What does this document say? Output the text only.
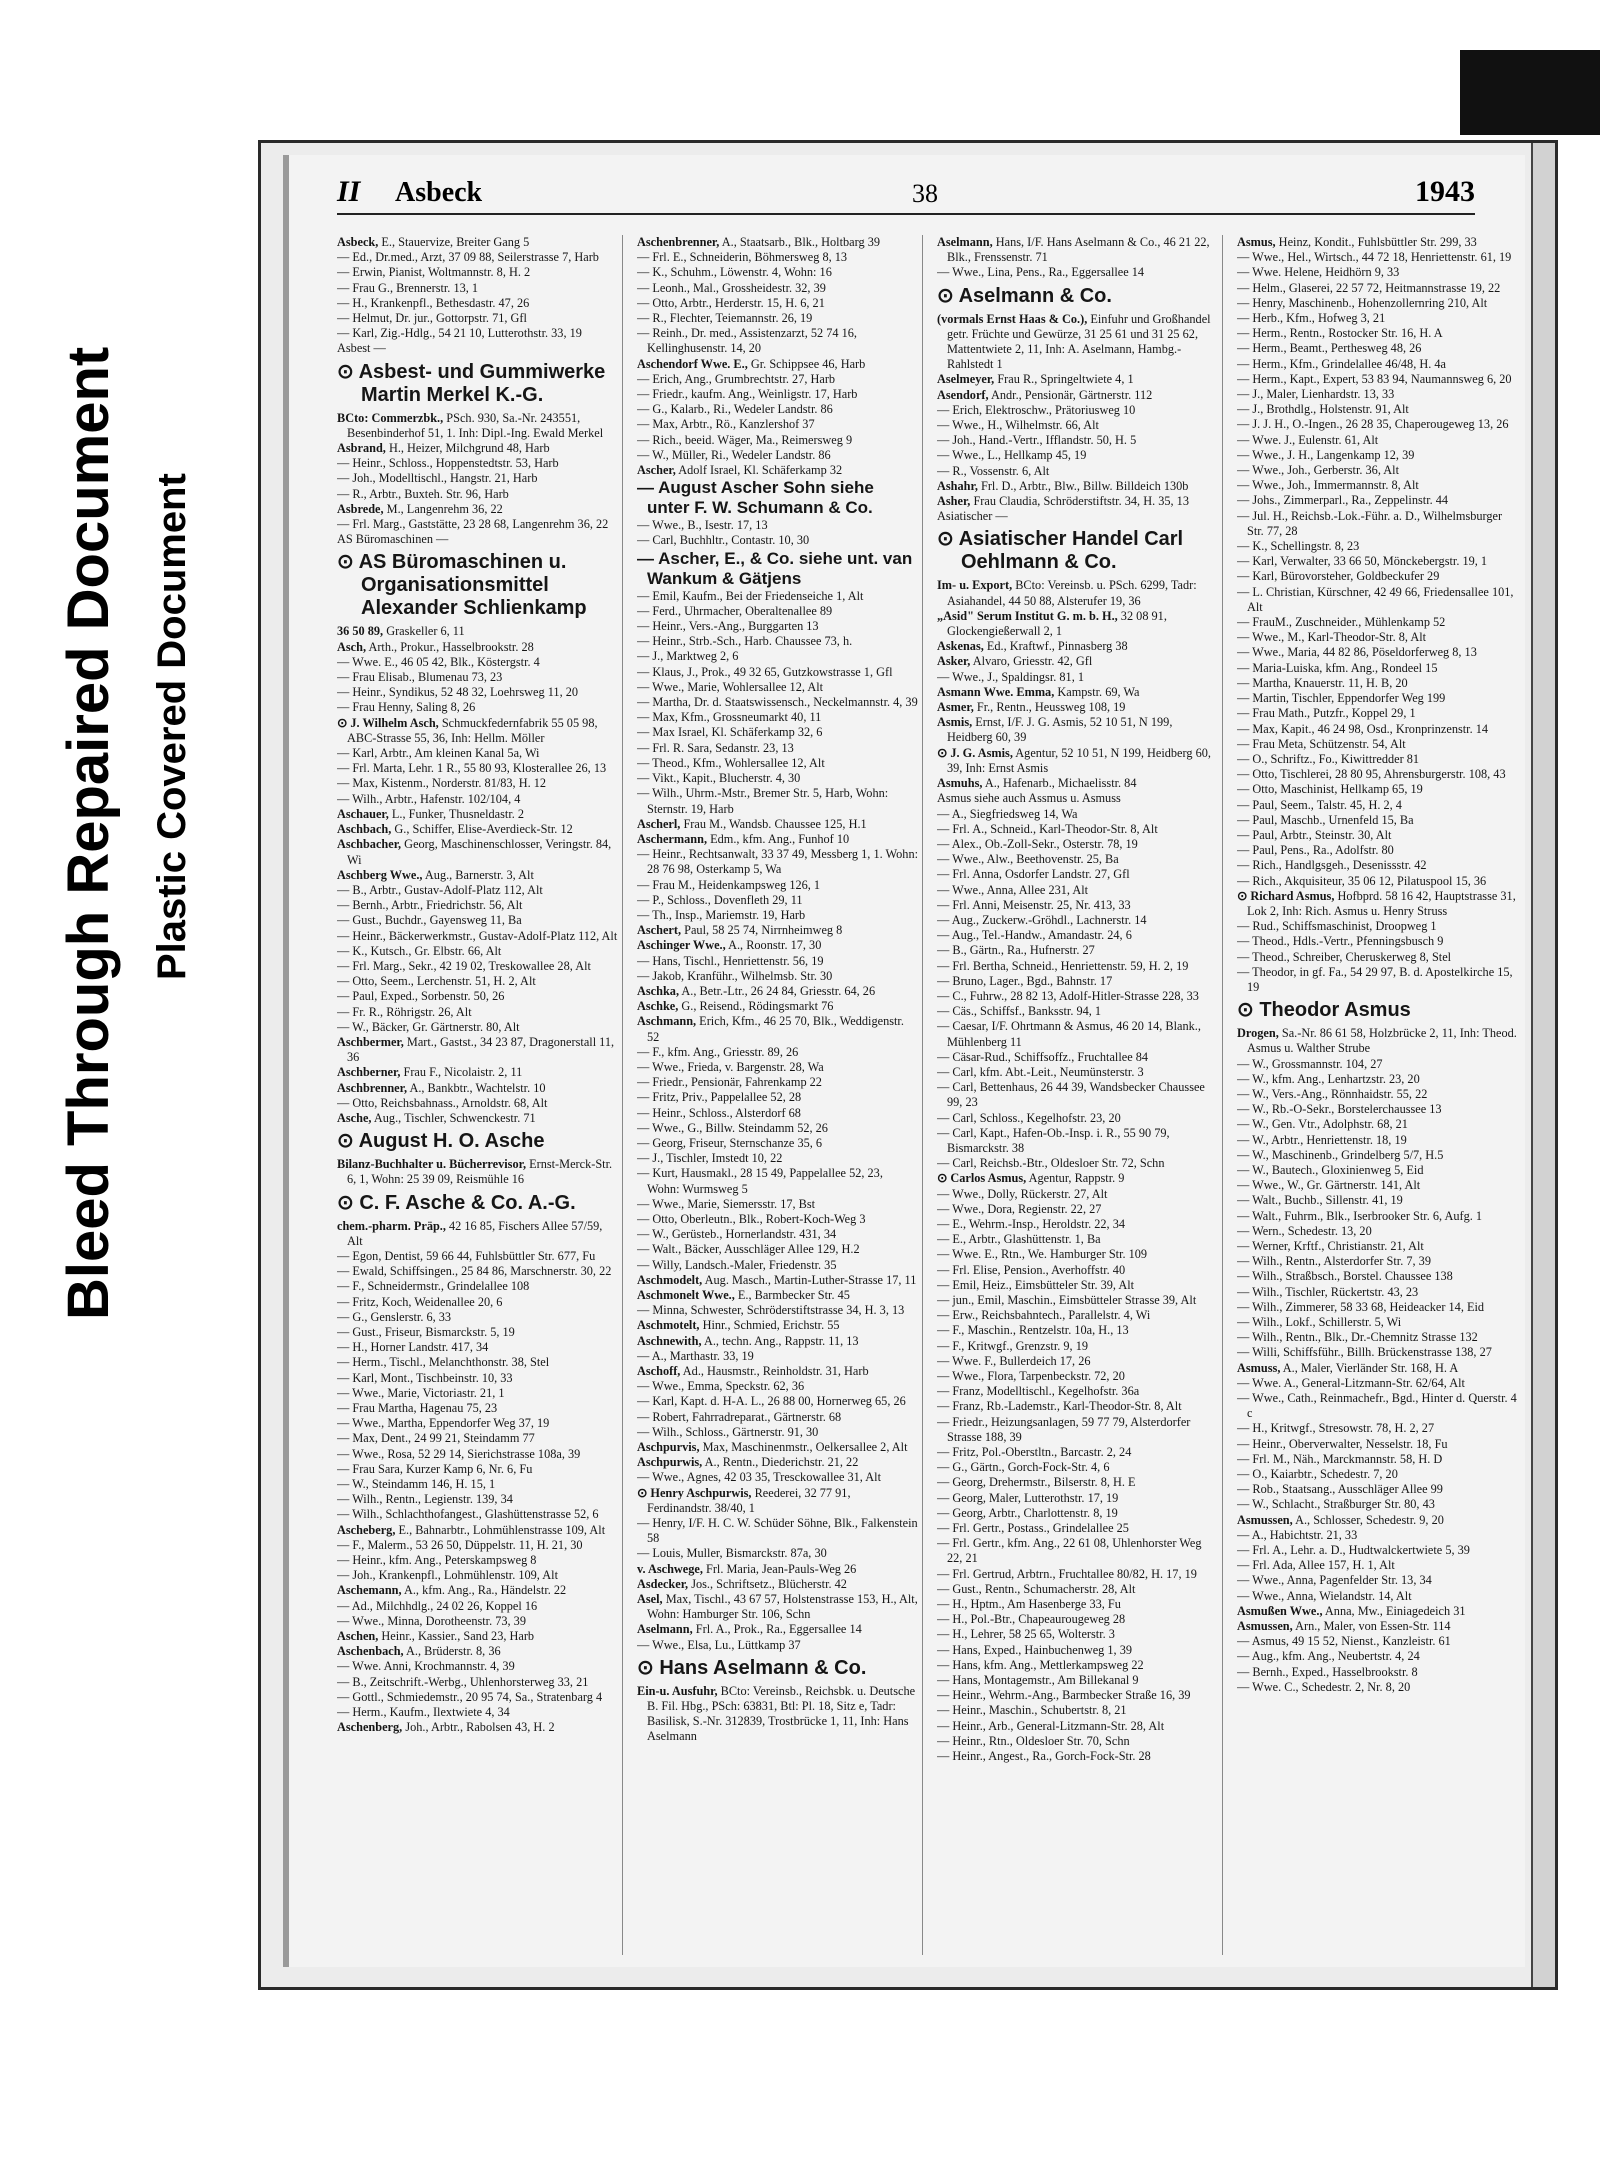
Bleed Through Repaired Document Plastic Covered Document
II Asbeck	38	1943

Asbeck, E., Stauervize, Breiter Gang 5

— Ed., Dr.med., Arzt, 37 09 88, Seilerstrasse 7, Harb

— Erwin, Pianist, Woltmannstr. 8, H. 2

— Frau G., Brennerstr. 13, 1

— H., Krankenpfl., Bethesdastr. 47, 26

— Helmut, Dr. jur., Gottorpstr. 71, Gfl

— Karl, Zig.-Hdlg., 54 21 10, Lutterothstr. 33, 19

Asbest —

⊙ Asbest- und Gummiwerke Martin Merkel K.-G.

BCto: Commerzbk., PSch. 930, Sa.-Nr. 243551, Besenbinderhof 51, 1. Inh: Dipl.-Ing. Ewald Merkel

Asbrand, H., Heizer, Milchgrund 48, Harb

— Heinr., Schloss., Hoppenstedtstr. 53, Harb

— Joh., Modelltischl., Hangstr. 21, Harb

— R., Arbtr., Buxteh. Str. 96, Harb

Asbrede, M., Langenrehm 36, 22

— Frl. Marg., Gaststätte, 23 28 68, Langenrehm 36, 22

AS Büromaschinen —

⊙ AS Büromaschinen u. Organisationsmittel Alexander Schlienkamp

36 50 89, Graskeller 6, 11

Asch, Arth., Prokur., Hasselbrookstr. 28

— Wwe. E., 46 05 42, Blk., Köstergstr. 4

— Frau Elisab., Blumenau 73, 23

— Heinr., Syndikus, 52 48 32, Loehrsweg 11, 20

— Frau Henny, Saling 8, 26

⊙ J. Wilhelm Asch, Schmuckfedernfabrik 55 05 98, ABC-Strasse 55, 36, Inh: Hellm. Möller

— Karl, Arbtr., Am kleinen Kanal 5a, Wi

— Frl. Marta, Lehr. 1 R., 55 80 93, Klosterallee 26, 13

— Max, Kistenm., Norderstr. 81/83, H. 12

— Wilh., Arbtr., Hafenstr. 102/104, 4

Aschauer, L., Funker, Thusneldastr. 2

Aschbach, G., Schiffer, Elise-Averdieck-Str. 12

Aschbacher, Georg, Maschinenschlosser, Veringstr. 84, Wi

Aschberg Wwe., Aug., Barnerstr. 3, Alt

— B., Arbtr., Gustav-Adolf-Platz 112, Alt

— Bernh., Arbtr., Friedrichstr. 56, Alt

— Gust., Buchdr., Gayensweg 11, Ba

— Heinr., Bäckerwerkmstr., Gustav-Adolf-Platz 112, Alt

— K., Kutsch., Gr. Elbstr. 66, Alt

— Frl. Marg., Sekr., 42 19 02, Treskowallee 28, Alt

— Otto, Seem., Lerchenstr. 51, H. 2, Alt

— Paul, Exped., Sorbenstr. 50, 26

— Fr. R., Röhrigstr. 26, Alt

— W., Bäcker, Gr. Gärtnerstr. 80, Alt

Aschbermer, Mart., Gastst., 34 23 87, Dragonerstall 11, 36

Aschberner, Frau F., Nicolaistr. 2, 11

Aschbrenner, A., Bankbtr., Wachtelstr. 10

— Otto, Reichsbahnass., Arnoldstr. 68, Alt

Asche, Aug., Tischler, Schwenckestr. 71

⊙ August H. O. Asche

Bilanz-Buchhalter u. Bücherrevisor, Ernst-Merck-Str. 6, 1, Wohn: 25 39 09, Reismühle 16

⊙ C. F. Asche & Co. A.-G.

chem.-pharm. Präp., 42 16 85, Fischers Allee 57/59, Alt

— Egon, Dentist, 59 66 44, Fuhlsbüttler Str. 677, Fu

— Ewald, Schiffsingen., 25 84 86, Marschnerstr. 30, 22

— F., Schneidermstr., Grindelallee 108

— Fritz, Koch, Weidenallee 20, 6

— G., Genslerstr. 6, 33

— Gust., Friseur, Bismarckstr. 5, 19

— H., Horner Landstr. 417, 34

— Herm., Tischl., Melanchthonstr. 38, Stel

— Karl, Mont., Tischbeinstr. 10, 33

— Wwe., Marie, Victoriastr. 21, 1

— Frau Martha, Hagenau 75, 23

— Wwe., Martha, Eppendorfer Weg 37, 19

— Max, Dent., 24 99 21, Steindamm 77

— Wwe., Rosa, 52 29 14, Sierichstrasse 108a, 39

— Frau Sara, Kurzer Kamp 6, Nr. 6, Fu

— W., Steindamm 146, H. 15, 1

— Wilh., Rentn., Legienstr. 139, 34

— Wilh., Schlachthofangest., Glashüttenstrasse 52, 6

Ascheberg, E., Bahnarbtr., Lohmühlenstrasse 109, Alt

— F., Malerm., 53 26 50, Düppelstr. 11, H. 21, 30

— Heinr., kfm. Ang., Peterskampsweg 8

— Joh., Krankenpfl., Lohmühlenstr. 109, Alt

Aschemann, A., kfm. Ang., Ra., Händelstr. 22

— Ad., Milchhdlg., 24 02 26, Koppel 16

— Wwe., Minna, Dorotheenstr. 73, 39

Aschen, Heinr., Kassier., Sand 23, Harb

Aschenbach, A., Brüderstr. 8, 36

— Wwe. Anni, Krochmannstr. 4, 39

— B., Zeitschrift.-Werbg., Uhlenhorsterweg 33, 21

— Gottl., Schmiedemstr., 20 95 74, Sa., Stratenbarg 4

— Herm., Kaufm., Ilextwiete 4, 34

Aschenberg, Joh., Arbtr., Rabolsen 43, H. 2

Aschenbrenner, A., Staatsarb., Blk., Holtbarg 39

— Frl. E., Schneiderin, Böhmersweg 8, 13

— K., Schuhm., Löwenstr. 4, Wohn: 16

— Leonh., Mal., Grossheidestr. 32, 39

— Otto, Arbtr., Herderstr. 15, H. 6, 21

— R., Flechter, Teiemannstr. 26, 19

— Reinh., Dr. med., Assistenzarzt, 52 74 16, Kellinghusenstr. 14, 20

Aschendorf Wwe. E., Gr. Schippsee 46, Harb

— Erich, Ang., Grumbrechtstr. 27, Harb

— Friedr., kaufm. Ang., Weinligstr. 17, Harb

— G., Kalarb., Ri., Wedeler Landstr. 86

— Max, Arbtr., Rö., Kanzlershof 37

— Rich., beeid. Wäger, Ma., Reimersweg 9

— W., Müller, Ri., Wedeler Landstr. 86

Ascher, Adolf Israel, Kl. Schäferkamp 32

— August Ascher Sohn siehe unter F. W. Schumann & Co.

— Wwe., B., Isestr. 17, 13

— Carl, Buchhltr., Contastr. 10, 30

— Ascher, E., & Co. siehe unt. van Wankum & Gätjens

— Emil, Kaufm., Bei der Friedenseiche 1, Alt

— Ferd., Uhrmacher, Oberaltenallee 89

— Heinr., Vers.-Ang., Burggarten 13

— Heinr., Strb.-Sch., Harb. Chaussee 73, h.

— J., Marktweg 2, 6

— Klaus, J., Prok., 49 32 65, Gutzkowstrasse 1, Gfl

— Wwe., Marie, Wohlersallee 12, Alt

— Martha, Dr. d. Staatswissensch., Neckelmannstr. 4, 39

— Max, Kfm., Grossneumarkt 40, 11

— Max Israel, Kl. Schäferkamp 32, 6

— Frl. R. Sara, Sedanstr. 23, 13

— Theod., Kfm., Wohlersallee 12, Alt

— Vikt., Kapit., Blucherstr. 4, 30

— Wilh., Uhrm.-Mstr., Bremer Str. 5, Harb, Wohn: Sternstr. 19, Harb

Ascherl, Frau M., Wandsb. Chaussee 125, H.1

Aschermann, Edm., kfm. Ang., Funhof 10

— Heinr., Rechtsanwalt, 33 37 49, Messberg 1, 1. Wohn: 28 76 98, Osterkamp 5, Wa

— Frau M., Heidenkampsweg 126, 1

— P., Schloss., Dovenfleth 29, 11

— Th., Insp., Mariemstr. 19, Harb

Aschert, Paul, 58 25 74, Nirrnheimweg 8

Aschinger Wwe., A., Roonstr. 17, 30

— Hans, Tischl., Henriettenstr. 56, 19

— Jakob, Kranführ., Wilhelmsb. Str. 30

Aschka, A., Betr.-Ltr., 26 24 84, Griesstr. 64, 26

Aschke, G., Reisend., Rödingsmarkt 76

Aschmann, Erich, Kfm., 46 25 70, Blk., Weddigenstr. 52

— F., kfm. Ang., Griesstr. 89, 26

— Wwe., Frieda, v. Bargenstr. 28, Wa

— Friedr., Pensionär, Fahrenkamp 22

— Fritz, Priv., Pappelallee 52, 28

— Heinr., Schloss., Alsterdorf 68

— Wwe., G., Billw. Steindamm 52, 26

— Georg, Friseur, Sternschanze 35, 6

— J., Tischler, Imstedt 10, 22

— Kurt, Hausmakl., 28 15 49, Pappelallee 52, 23, Wohn: Wurmsweg 5

— Wwe., Marie, Siemersstr. 17, Bst

— Otto, Oberleutn., Blk., Robert-Koch-Weg 3

— W., Gerüsteb., Hornerlandstr. 431, 34

— Walt., Bäcker, Ausschläger Allee 129, H.2

— Willy, Landsch.-Maler, Friedenstr. 35

Aschmodelt, Aug. Masch., Martin-Luther-Strasse 17, 11

Aschmonelt Wwe., E., Barmbecker Str. 45

— Minna, Schwester, Schröderstiftstrasse 34, H. 3, 13

Aschmotelt, Hinr., Schmied, Erichstr. 55

Aschnewith, A., techn. Ang., Rappstr. 11, 13

— A., Marthastr. 33, 19

Aschoff, Ad., Hausmstr., Reinholdstr. 31, Harb

— Wwe., Emma, Speckstr. 62, 36

— Karl, Kapt. d. H-A. L., 26 88 00, Hornerweg 65, 26

— Robert, Fahrradreparat., Gärtnerstr. 68

— Wilh., Schloss., Gärtnerstr. 91, 30

Aschpurvis, Max, Maschinenmstr., Oelkersallee 2, Alt

Aschpurwis, A., Rentn., Diederichstr. 21, 22

— Wwe., Agnes, 42 03 35, Tresckowallee 31, Alt

⊙ Henry Aschpurwis, Reederei, 32 77 91, Ferdinandstr. 38/40, 1

— Henry, I/F. H. C. W. Schüder Söhne, Blk., Falkenstein 58

— Louis, Muller, Bismarckstr. 87a, 30

v. Aschwege, Frl. Maria, Jean-Pauls-Weg 26

Asdecker, Jos., Schriftsetz., Blücherstr. 42

Asel, Max, Tischl., 43 67 57, Holstenstrasse 153, H., Alt, Wohn: Hamburger Str. 106, Schn

Aselmann, Frl. A., Prok., Ra., Eggersallee 14

— Wwe., Elsa, Lu., Lüttkamp 37

⊙ Hans Aselmann & Co.

Ein-u. Ausfuhr, BCto: Vereinsb., Reichsbk. u. Deutsche B. Fil. Hbg., PSch: 63831, Btl: Pl. 18, Sitz e, Tadr: Basilisk, S.-Nr. 312839, Trostbrücke 1, 11, Inh: Hans Aselmann

Aselmann, Hans, I/F. Hans Aselmann & Co., 46 21 22, Blk., Frenssenstr. 71

— Wwe., Lina, Pens., Ra., Eggersallee 14

⊙ Aselmann & Co.

(vormals Ernst Haas & Co.), Einfuhr und Großhandel getr. Früchte und Gewürze, 31 25 61 und 31 25 62, Mattentwiete 2, 11, Inh: A. Aselmann, Hambg.-Rahlstedt 1

Aselmeyer, Frau R., Springeltwiete 4, 1

Asendorf, Andr., Pensionär, Gärtnerstr. 112

— Erich, Elektroschw., Prätoriusweg 10

— Wwe., H., Wilhelmstr. 66, Alt

— Joh., Hand.-Vertr., Ifflandstr. 50, H. 5

— Wwe., L., Hellkamp 45, 19

— R., Vossenstr. 6, Alt

Ashahr, Frl. D., Arbtr., Blw., Billw. Billdeich 130b

Asher, Frau Claudia, Schröderstiftstr. 34, H. 35, 13

Asiatischer —

⊙ Asiatischer Handel Carl Oehlmann & Co.

Im- u. Export, BCto: Vereinsb. u. PSch. 6299, Tadr: Asiahandel, 44 50 88, Alsterufer 19, 36

„Asid" Serum Institut G. m. b. H., 32 08 91, Glockengießerwall 2, 1

Askenas, Ed., Kraftwf., Pinnasberg 38

Asker, Alvaro, Griesstr. 42, Gfl

— Wwe., J., Spaldingsr. 81, 1

Asmann Wwe. Emma, Kampstr. 69, Wa

Asmer, Fr., Rentn., Heussweg 108, 19

Asmis, Ernst, I/F. J. G. Asmis, 52 10 51, N 199, Heidberg 60, 39

⊙ J. G. Asmis, Agentur, 52 10 51, N 199, Heidberg 60, 39, Inh: Ernst Asmis

Asmuhs, A., Hafenarb., Michaelisstr. 84

Asmus siehe auch Assmus u. Asmuss

— A., Siegfriedsweg 14, Wa

— Frl. A., Schneid., Karl-Theodor-Str. 8, Alt

— Alex., Ob.-Zoll-Sekr., Osterstr. 78, 19

— Wwe., Alw., Beethovenstr. 25, Ba

— Frl. Anna, Osdorfer Landstr. 27, Gfl

— Wwe., Anna, Allee 231, Alt

— Frl. Anni, Meisenstr. 25, Nr. 413, 33

— Aug., Zuckerw.-Gröhdl., Lachnerstr. 14

— Aug., Tel.-Handw., Amandastr. 24, 6

— B., Gärtn., Ra., Hufnerstr. 27

— Frl. Bertha, Schneid., Henriettenstr. 59, H. 2, 19

— Bruno, Lager., Bgd., Bahnstr. 17

— C., Fuhrw., 28 82 13, Adolf-Hitler-Strasse 228, 33

— Cäs., Schiffsf., Banksstr. 94, 1

— Caesar, I/F. Ohrtmann & Asmus, 46 20 14, Blank., Mühlenberg 11

— Cäsar-Rud., Schiffsoffz., Fruchtallee 84

— Carl, kfm. Abt.-Leit., Neumünsterstr. 3

— Carl, Bettenhaus, 26 44 39, Wandsbecker Chaussee 99, 23

— Carl, Schloss., Kegelhofstr. 23, 20

— Carl, Kapt., Hafen-Ob.-Insp. i. R., 55 90 79, Bismarckstr. 38

— Carl, Reichsb.-Btr., Oldesloer Str. 72, Schn

⊙ Carlos Asmus, Agentur, Rappstr. 9

— Wwe., Dolly, Rückerstr. 27, Alt

— Wwe., Dora, Regienstr. 22, 27

— E., Wehrm.-Insp., Heroldstr. 22, 34

— E., Arbtr., Glashüttenstr. 1, Ba

— Wwe. E., Rtn., We. Hamburger Str. 109

— Frl. Elise, Pension., Averhoffstr. 40

— Emil, Heiz., Eimsbütteler Str. 39, Alt

— jun., Emil, Maschin., Eimsbütteler Strasse 39, Alt

— Erw., Reichsbahntech., Parallelstr. 4, Wi

— F., Maschin., Rentzelstr. 10a, H., 13

— F., Kritwgf., Grenzstr. 9, 19

— Wwe. F., Bullerdeich 17, 26

— Wwe., Flora, Tarpenbeckstr. 72, 20

— Franz, Modelltischl., Kegelhofstr. 36a

— Franz, Rb.-Lademstr., Karl-Theodor-Str. 8, Alt

— Friedr., Heizungsanlagen, 59 77 79, Alsterdorfer Strasse 188, 39

— Fritz, Pol.-Oberstltn., Barcastr. 2, 24

— G., Gärtn., Gorch-Fock-Str. 4, 6

— Georg, Drehermstr., Bilserstr. 8, H. E

— Georg, Maler, Lutterothstr. 17, 19

— Georg, Arbtr., Charlottenstr. 8, 19

— Frl. Gertr., Postass., Grindelallee 25

— Frl. Gertr., kfm. Ang., 22 61 08, Uhlenhorster Weg 22, 21

— Frl. Gertrud, Arbtrn., Fruchtallee 80/82, H. 17, 19

— Gust., Rentn., Schumacherstr. 28, Alt

— H., Hptm., Am Hasenberge 33, Fu

— H., Pol.-Btr., Chapeaurougeweg 28

— H., Lehrer, 58 25 65, Wolterstr. 3

— Hans, Exped., Hainbuchenweg 1, 39

— Hans, kfm. Ang., Mettlerkampsweg 22

— Hans, Montagemstr., Am Billekanal 9

— Heinr., Wehrm.-Ang., Barmbecker Straße 16, 39

— Heinr., Maschin., Schubertstr. 8, 21

— Heinr., Arb., General-Litzmann-Str. 28, Alt

— Heinr., Rtn., Oldesloer Str. 70, Schn

— Heinr., Angest., Ra., Gorch-Fock-Str. 28

Asmus, Heinz, Kondit., Fuhlsbüttler Str. 299, 33

— Wwe., Hel., Wirtsch., 44 72 18, Henriettenstr. 61, 19

— Wwe. Helene, Heidhörn 9, 33

— Helm., Glaserei, 22 57 72, Heitmannstrasse 19, 22

— Henry, Maschinenb., Hohenzollernring 210, Alt

— Herb., Kfm., Hofweg 3, 21

— Herm., Rentn., Rostocker Str. 16, H. A

— Herm., Beamt., Perthesweg 48, 26

— Herm., Kfm., Grindelallee 46/48, H. 4a

— Herm., Kapt., Expert, 53 83 94, Naumannsweg 6, 20

— J., Maler, Lienhardstr. 13, 33

— J., Brothdlg., Holstenstr. 91, Alt

— J. J. H., O.-Ingen., 26 28 35, Chaperougeweg 13, 26

— Wwe. J., Eulenstr. 61, Alt

— Wwe., J. H., Langenkamp 12, 39

— Wwe., Joh., Gerberstr. 36, Alt

— Wwe., Joh., Immermannstr. 8, Alt

— Johs., Zimmerparl., Ra., Zeppelinstr. 44

— Jul. H., Reichsb.-Lok.-Führ. a. D., Wilhelmsburger Str. 77, 28

— K., Schellingstr. 8, 23

— Karl, Verwalter, 33 66 50, Mönckebergstr. 19, 1

— Karl, Bürovorsteher, Goldbeckufer 29

— L. Christian, Kürschner, 42 49 66, Friedensallee 101, Alt

— FrauM., Zuschneider., Mühlenkamp 52

— Wwe., M., Karl-Theodor-Str. 8, Alt

— Wwe., Maria, 44 82 86, Pöseldorferweg 8, 13

— Maria-Luiska, kfm. Ang., Rondeel 15

— Martha, Knauerstr. 11, H. B, 20

— Martin, Tischler, Eppendorfer Weg 199

— Frau Math., Putzfr., Koppel 29, 1

— Max, Kapit., 46 24 98, Osd., Kronprinzenstr. 14

— Frau Meta, Schützenstr. 54, Alt

— O., Schriftz., Fo., Kiwittredder 81

— Otto, Tischlerei, 28 80 95, Ahrensburgerstr. 108, 43

— Otto, Maschinist, Hellkamp 65, 19

— Paul, Seem., Talstr. 45, H. 2, 4

— Paul, Maschb., Urnenfeld 15, Ba

— Paul, Arbtr., Steinstr. 30, Alt

— Paul, Pens., Ra., Adolfstr. 80

— Rich., Handlgsgeh., Desenissstr. 42

— Rich., Akquisiteur, 35 06 12, Pilatuspool 15, 36

⊙ Richard Asmus, Hofbprd. 58 16 42, Hauptstrasse 31, Lok 2, Inh: Rich. Asmus u. Henry Struss

— Rud., Schiffsmaschinist, Droopweg 1

— Theod., Hdls.-Vertr., Pfenningsbusch 9

— Theod., Schreiber, Cheruskerweg 8, Stel

— Theodor, in gf. Fa., 54 29 97, B. d. Apostelkirche 15, 19

⊙ Theodor Asmus

Drogen, Sa.-Nr. 86 61 58, Holzbrücke 2, 11, Inh: Theod. Asmus u. Walther Strube

— W., Grossmannstr. 104, 27

— W., kfm. Ang., Lenhartzstr. 23, 20

— W., Vers.-Ang., Rönnhaidstr. 55, 22

— W., Rb.-O-Sekr., Borstelerchaussee 13

— W., Gen. Vtr., Adolphstr. 68, 21

— W., Arbtr., Henriettenstr. 18, 19

— W., Maschinenb., Grindelberg 5/7, H.5

— W., Bautech., Gloxinienweg 5, Eid

— Wwe., W., Gr. Gärtnerstr. 141, Alt

— Walt., Buchb., Sillenstr. 41, 19

— Walt., Fuhrm., Blk., Iserbrooker Str. 6, Aufg. 1

— Wern., Schedestr. 13, 20

— Werner, Krftf., Christianstr. 21, Alt

— Wilh., Rentn., Alsterdorfer Str. 7, 39

— Wilh., Straßbsch., Borstel. Chaussee 138

— Wilh., Tischler, Rückertstr. 43, 23

— Wilh., Zimmerer, 58 33 68, Heideacker 14, Eid

— Wilh., Lokf., Schillerstr. 5, Wi

— Wilh., Rentn., Blk., Dr.-Chemnitz Strasse 132

— Willi, Schiffsführ., Billh. Brückenstrasse 138, 27

Asmuss, A., Maler, Vierländer Str. 168, H. A

— Wwe. A., General-Litzmann-Str. 62/64, Alt

— Wwe., Cath., Reinmachefr., Bgd., Hinter d. Querstr. 4 c

— H., Kritwgf., Stresowstr. 78, H. 2, 27

— Heinr., Oberverwalter, Nesselstr. 18, Fu

— Frl. M., Näh., Marckmannstr. 58, H. D

— O., Kaiarbtr., Schedestr. 7, 20

— Rob., Staatsang., Ausschläger Allee 99

— W., Schlacht., Straßburger Str. 80, 43

Asmussen, A., Schlosser, Schedestr. 9, 20

— A., Habichtstr. 21, 33

— Frl. A., Lehr. a. D., Hudtwalckertwiete 5, 39

— Frl. Ada, Allee 157, H. 1, Alt

— Wwe., Anna, Pagenfelder Str. 13, 34

— Wwe., Anna, Wielandstr. 14, Alt

Asmußen Wwe., Anna, Mw., Einiagedeich 31

Asmussen, Arn., Maler, von Essen-Str. 114

— Asmus, 49 15 52, Nienst., Kanzleistr. 61

— Aug., kfm. Ang., Neubertstr. 4, 24

— Bernh., Exped., Hasselbrookstr. 8

— Wwe. C., Schedestr. 2, Nr. 8, 20
